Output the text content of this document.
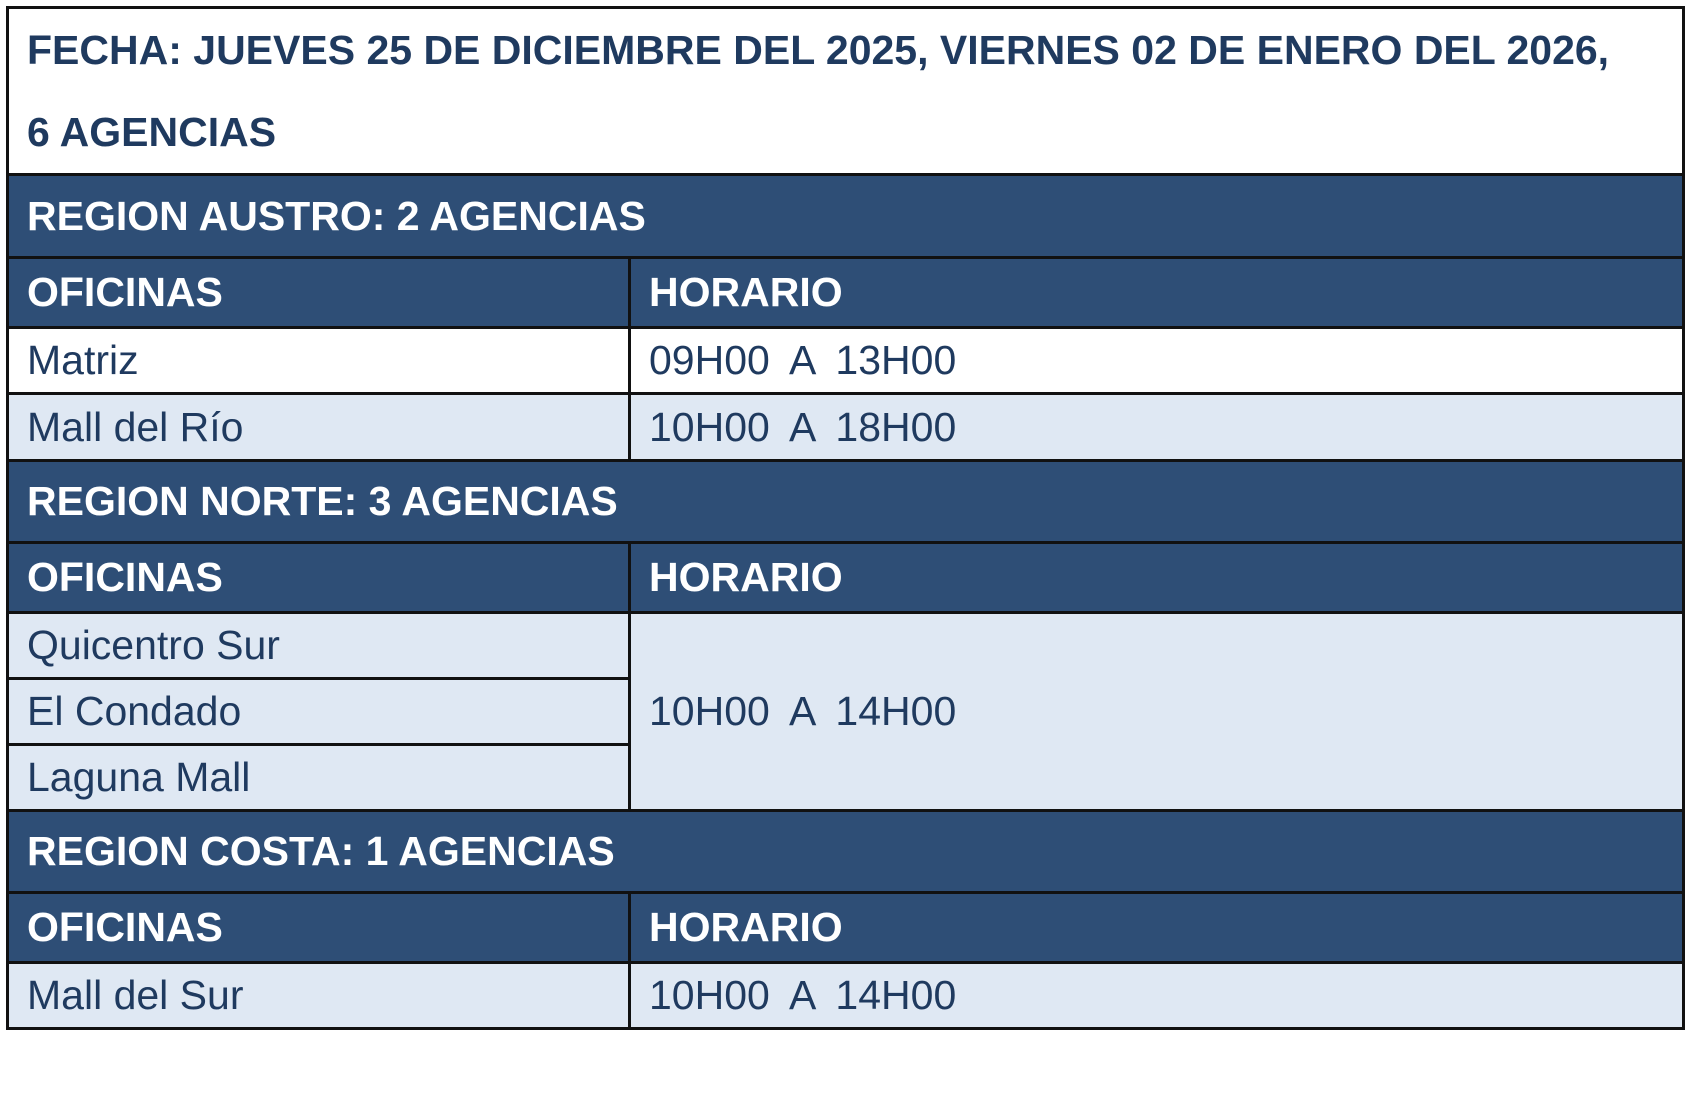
FECHA: JUEVES 25 DE DICIEMBRE DEL 2025, VIERNES 02 DE ENERO DEL 2026,
6 AGENCIAS	

REGION AUSTRO: 2 AGENCIAS	
OFICINAS	HORARIO
Matriz	09H00 A 13H00
Mall del Río	10H00 A 18H00
REGION NORTE: 3 AGENCIAS	
OFICINAS	HORARIO
Quicentro Sur	10H00 A 14H00
El Condado	
Laguna Mall	
REGION COSTA: 1 AGENCIAS	
OFICINAS	HORARIO
Mall del Sur	10H00 A 14H00
